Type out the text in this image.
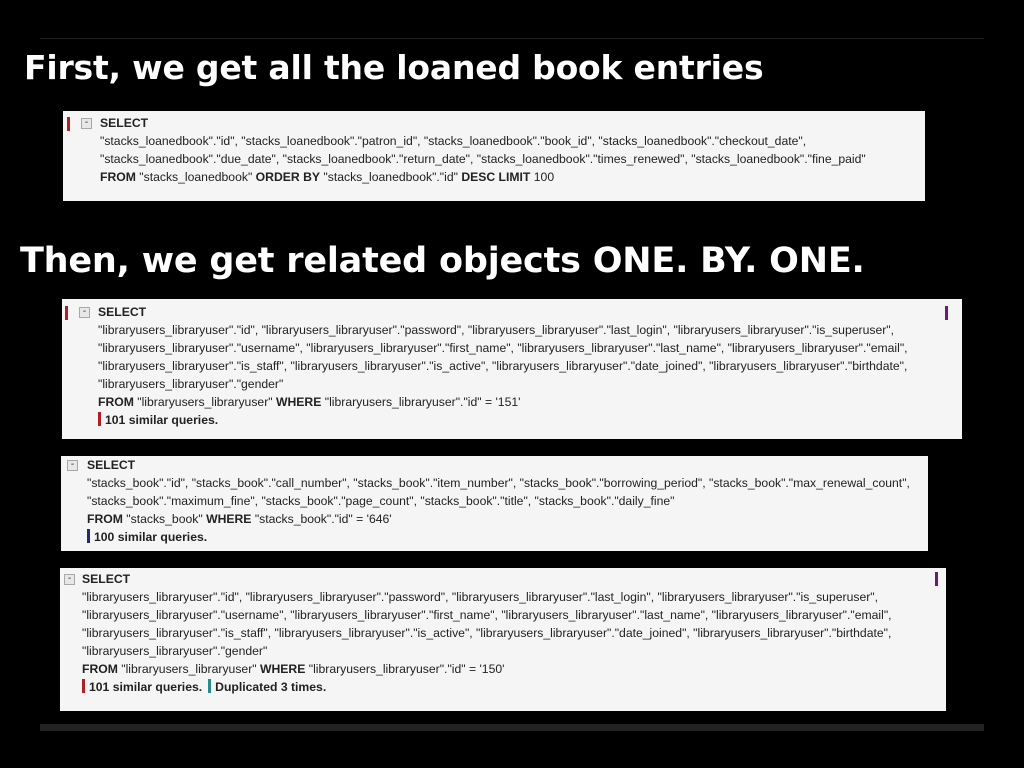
First, we get all the loaned book entries
- SELECT
"stacks_loanedbook"."id", "stacks_loanedbook"."patron_id", "stacks_loanedbook"."book_id", "stacks_loanedbook"."checkout_date",
"stacks_loanedbook"."due_date", "stacks_loanedbook"."return_date", "stacks_loanedbook"."times_renewed", "stacks_loanedbook"."fine_paid"
FROM "stacks_loanedbook" ORDER BY "stacks_loanedbook"."id" DESC LIMIT 100
Then, we get related objects ONE. BY. ONE.
- SELECT
"libraryusers_libraryuser"."id", "libraryusers_libraryuser"."password", "libraryusers_libraryuser"."last_login", "libraryusers_libraryuser"."is_superuser",
"libraryusers_libraryuser"."username", "libraryusers_libraryuser"."first_name", "libraryusers_libraryuser"."last_name", "libraryusers_libraryuser"."email",
"libraryusers_libraryuser"."is_staff", "libraryusers_libraryuser"."is_active", "libraryusers_libraryuser"."date_joined", "libraryusers_libraryuser"."birthdate",
"libraryusers_libraryuser"."gender"
FROM "libraryusers_libraryuser" WHERE "libraryusers_libraryuser"."id" = '151'
101 similar queries.
- SELECT
"stacks_book"."id", "stacks_book"."call_number", "stacks_book"."item_number", "stacks_book"."borrowing_period", "stacks_book"."max_renewal_count",
"stacks_book"."maximum_fine", "stacks_book"."page_count", "stacks_book"."title", "stacks_book"."daily_fine"
FROM "stacks_book" WHERE "stacks_book"."id" = '646'
100 similar queries.
- SELECT
"libraryusers_libraryuser"."id", "libraryusers_libraryuser"."password", "libraryusers_libraryuser"."last_login", "libraryusers_libraryuser"."is_superuser",
"libraryusers_libraryuser"."username", "libraryusers_libraryuser"."first_name", "libraryusers_libraryuser"."last_name", "libraryusers_libraryuser"."email",
"libraryusers_libraryuser"."is_staff", "libraryusers_libraryuser"."is_active", "libraryusers_libraryuser"."date_joined", "libraryusers_libraryuser"."birthdate",
"libraryusers_libraryuser"."gender"
FROM "libraryusers_libraryuser" WHERE "libraryusers_libraryuser"."id" = '150'
101 similar queries. Duplicated 3 times.
